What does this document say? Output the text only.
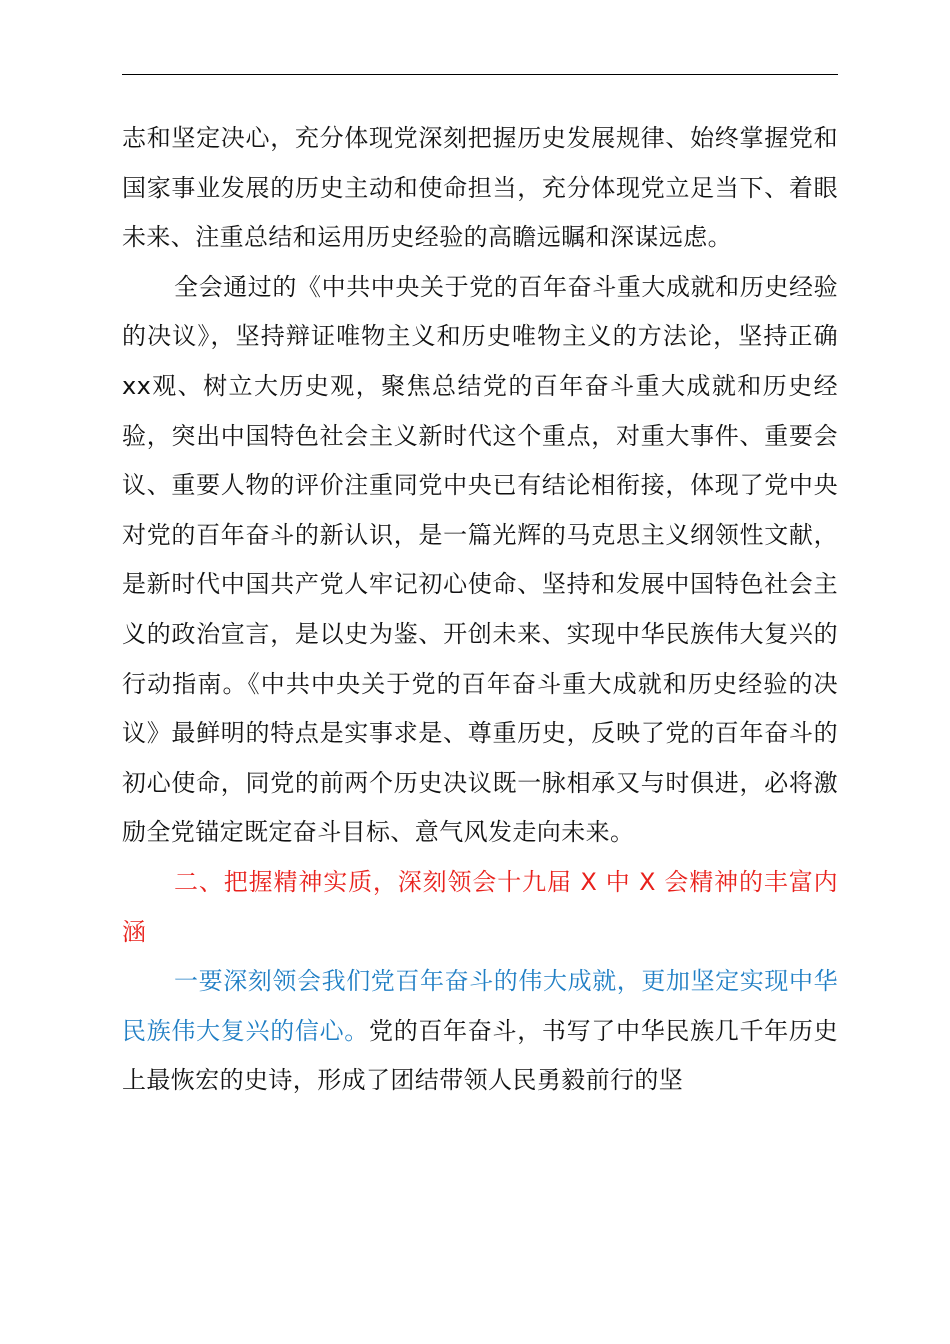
志和坚定决心，充分体现党深刻把握历史发展规律、始终掌握党和国家事业发展的历史主动和使命担当，充分体现党立足当下、着眼未来、注重总结和运用历史经验的高瞻远瞩和深谋远虑。

全会通过的《中共中央关于党的百年奋斗重大成就和历史经验的决议》，坚持辩证唯物主义和历史唯物主义的方法论，坚持正确xx观、树立大历史观，聚焦总结党的百年奋斗重大成就和历史经验，突出中国特色社会主义新时代这个重点，对重大事件、重要会议、重要人物的评价注重同党中央已有结论相衔接，体现了党中央对党的百年奋斗的新认识，是一篇光辉的马克思主义纲领性文献，是新时代中国共产党人牢记初心使命、坚持和发展中国特色社会主义的政治宣言，是以史为鉴、开创未来、实现中华民族伟大复兴的行动指南。《中共中央关于党的百年奋斗重大成就和历史经验的决议》最鲜明的特点是实事求是、尊重历史，反映了党的百年奋斗的初心使命，同党的前两个历史决议既一脉相承又与时俱进，必将激励全党锚定既定奋斗目标、意气风发走向未来。

二、把握精神实质，深刻领会十九届 X 中 X 会精神的丰富内涵

一要深刻领会我们党百年奋斗的伟大成就，更加坚定实现中华民族伟大复兴的信心。党的百年奋斗，书写了中华民族几千年历史上最恢宏的史诗，形成了团结带领人民勇毅前行的坚
